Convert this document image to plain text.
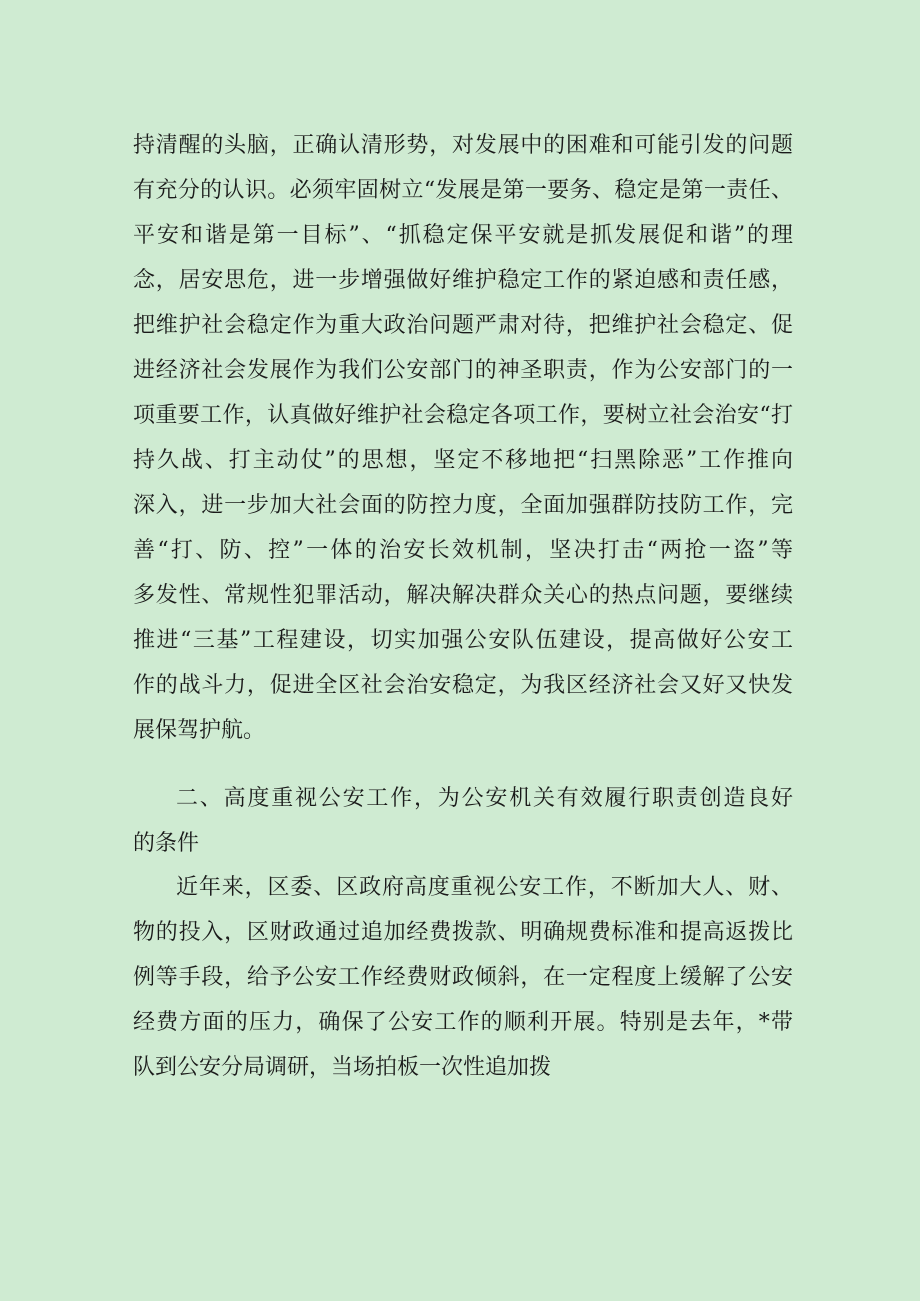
持清醒的头脑，正确认清形势，对发展中的困难和可能引发的问题
有充分的认识。必须牢固树立“发展是第一要务、稳定是第一责任、
平安和谐是第一目标”、“抓稳定保平安就是抓发展促和谐”的理
念，居安思危，进一步增强做好维护稳定工作的紧迫感和责任感，
把维护社会稳定作为重大政治问题严肃对待，把维护社会稳定、促
进经济社会发展作为我们公安部门的神圣职责，作为公安部门的一
项重要工作，认真做好维护社会稳定各项工作，要树立社会治安“打
持久战、打主动仗”的思想，坚定不移地把“扫黑除恶”工作推向
深入，进一步加大社会面的防控力度，全面加强群防技防工作，完
善“打、防、控”一体的治安长效机制，坚决打击“两抢一盗”等
多发性、常规性犯罪活动，解决解决群众关心的热点问题，要继续
推进“三基”工程建设，切实加强公安队伍建设，提高做好公安工
作的战斗力，促进全区社会治安稳定，为我区经济社会又好又快发
展保驾护航。
二、高度重视公安工作，为公安机关有效履行职责创造良好
的条件
近年来，区委、区政府高度重视公安工作，不断加大人、财、
物的投入，区财政通过追加经费拨款、明确规费标准和提高返拨比
例等手段，给予公安工作经费财政倾斜，在一定程度上缓解了公安
经费方面的压力，确保了公安工作的顺利开展。特别是去年，*带
队到公安分局调研，当场拍板一次性追加拨
